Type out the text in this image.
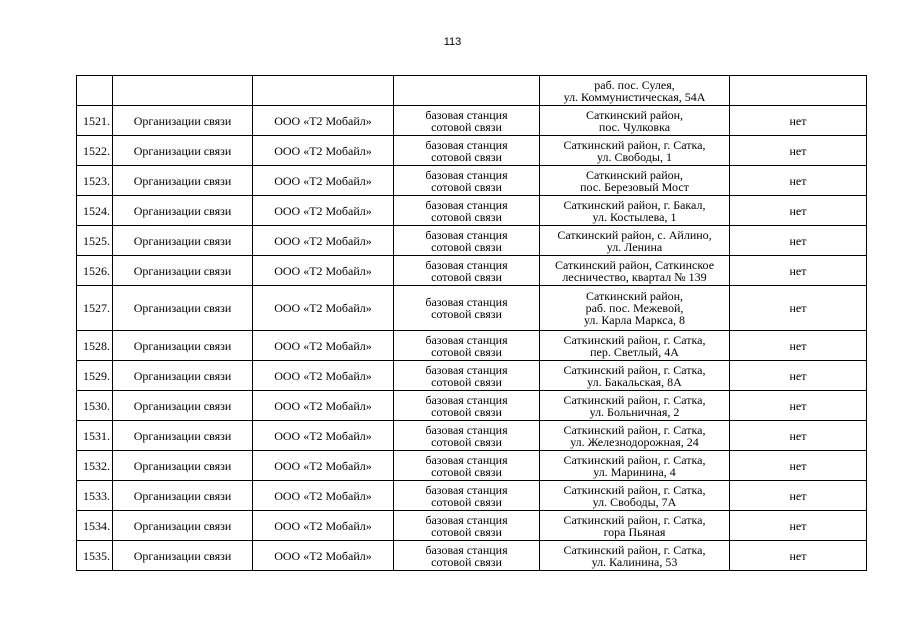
113

				раб. пос. Сулея,
ул. Коммунистическая, 54А	

1521.	Организации связи	ООО «Т2 Мобайл»	базовая станция
сотовой связи	Саткинский район,
пос. Чулковка	нет
1522.	Организации связи	ООО «Т2 Мобайл»	базовая станция
сотовой связи	Саткинский район, г. Сатка,
ул. Свободы, 1	нет
1523.	Организации связи	ООО «Т2 Мобайл»	базовая станция
сотовой связи	Саткинский район,
пос. Березовый Мост	нет
1524.	Организации связи	ООО «Т2 Мобайл»	базовая станция
сотовой связи	Саткинский район, г. Бакал,
ул. Костылева, 1	нет
1525.	Организации связи	ООО «Т2 Мобайл»	базовая станция
сотовой связи	Саткинский район, с. Айлино,
ул. Ленина	нет
1526.	Организации связи	ООО «Т2 Мобайл»	базовая станция
сотовой связи	Саткинский район, Саткинское
лесничество, квартал № 139	нет
1527.	Организации связи	ООО «Т2 Мобайл»	базовая станция
сотовой связи	Саткинский район,
раб. пос. Межевой,
ул. Карла Маркса, 8	нет
1528.	Организации связи	ООО «Т2 Мобайл»	базовая станция
сотовой связи	Саткинский район, г. Сатка,
пер. Светлый, 4А	нет
1529.	Организации связи	ООО «Т2 Мобайл»	базовая станция
сотовой связи	Саткинский район, г. Сатка,
ул. Бакальская, 8А	нет
1530.	Организации связи	ООО «Т2 Мобайл»	базовая станция
сотовой связи	Саткинский район, г. Сатка,
ул. Больничная, 2	нет
1531.	Организации связи	ООО «Т2 Мобайл»	базовая станция
сотовой связи	Саткинский район, г. Сатка,
ул. Железнодорожная, 24	нет
1532.	Организации связи	ООО «Т2 Мобайл»	базовая станция
сотовой связи	Саткинский район, г. Сатка,
ул. Маринина, 4	нет
1533.	Организации связи	ООО «Т2 Мобайл»	базовая станция
сотовой связи	Саткинский район, г. Сатка,
ул. Свободы, 7А	нет
1534.	Организации связи	ООО «Т2 Мобайл»	базовая станция
сотовой связи	Саткинский район, г. Сатка,
гора Пьяная	нет
1535.	Организации связи	ООО «Т2 Мобайл»	базовая станция
сотовой связи	Саткинский район, г. Сатка,
ул. Калинина, 53	нет
